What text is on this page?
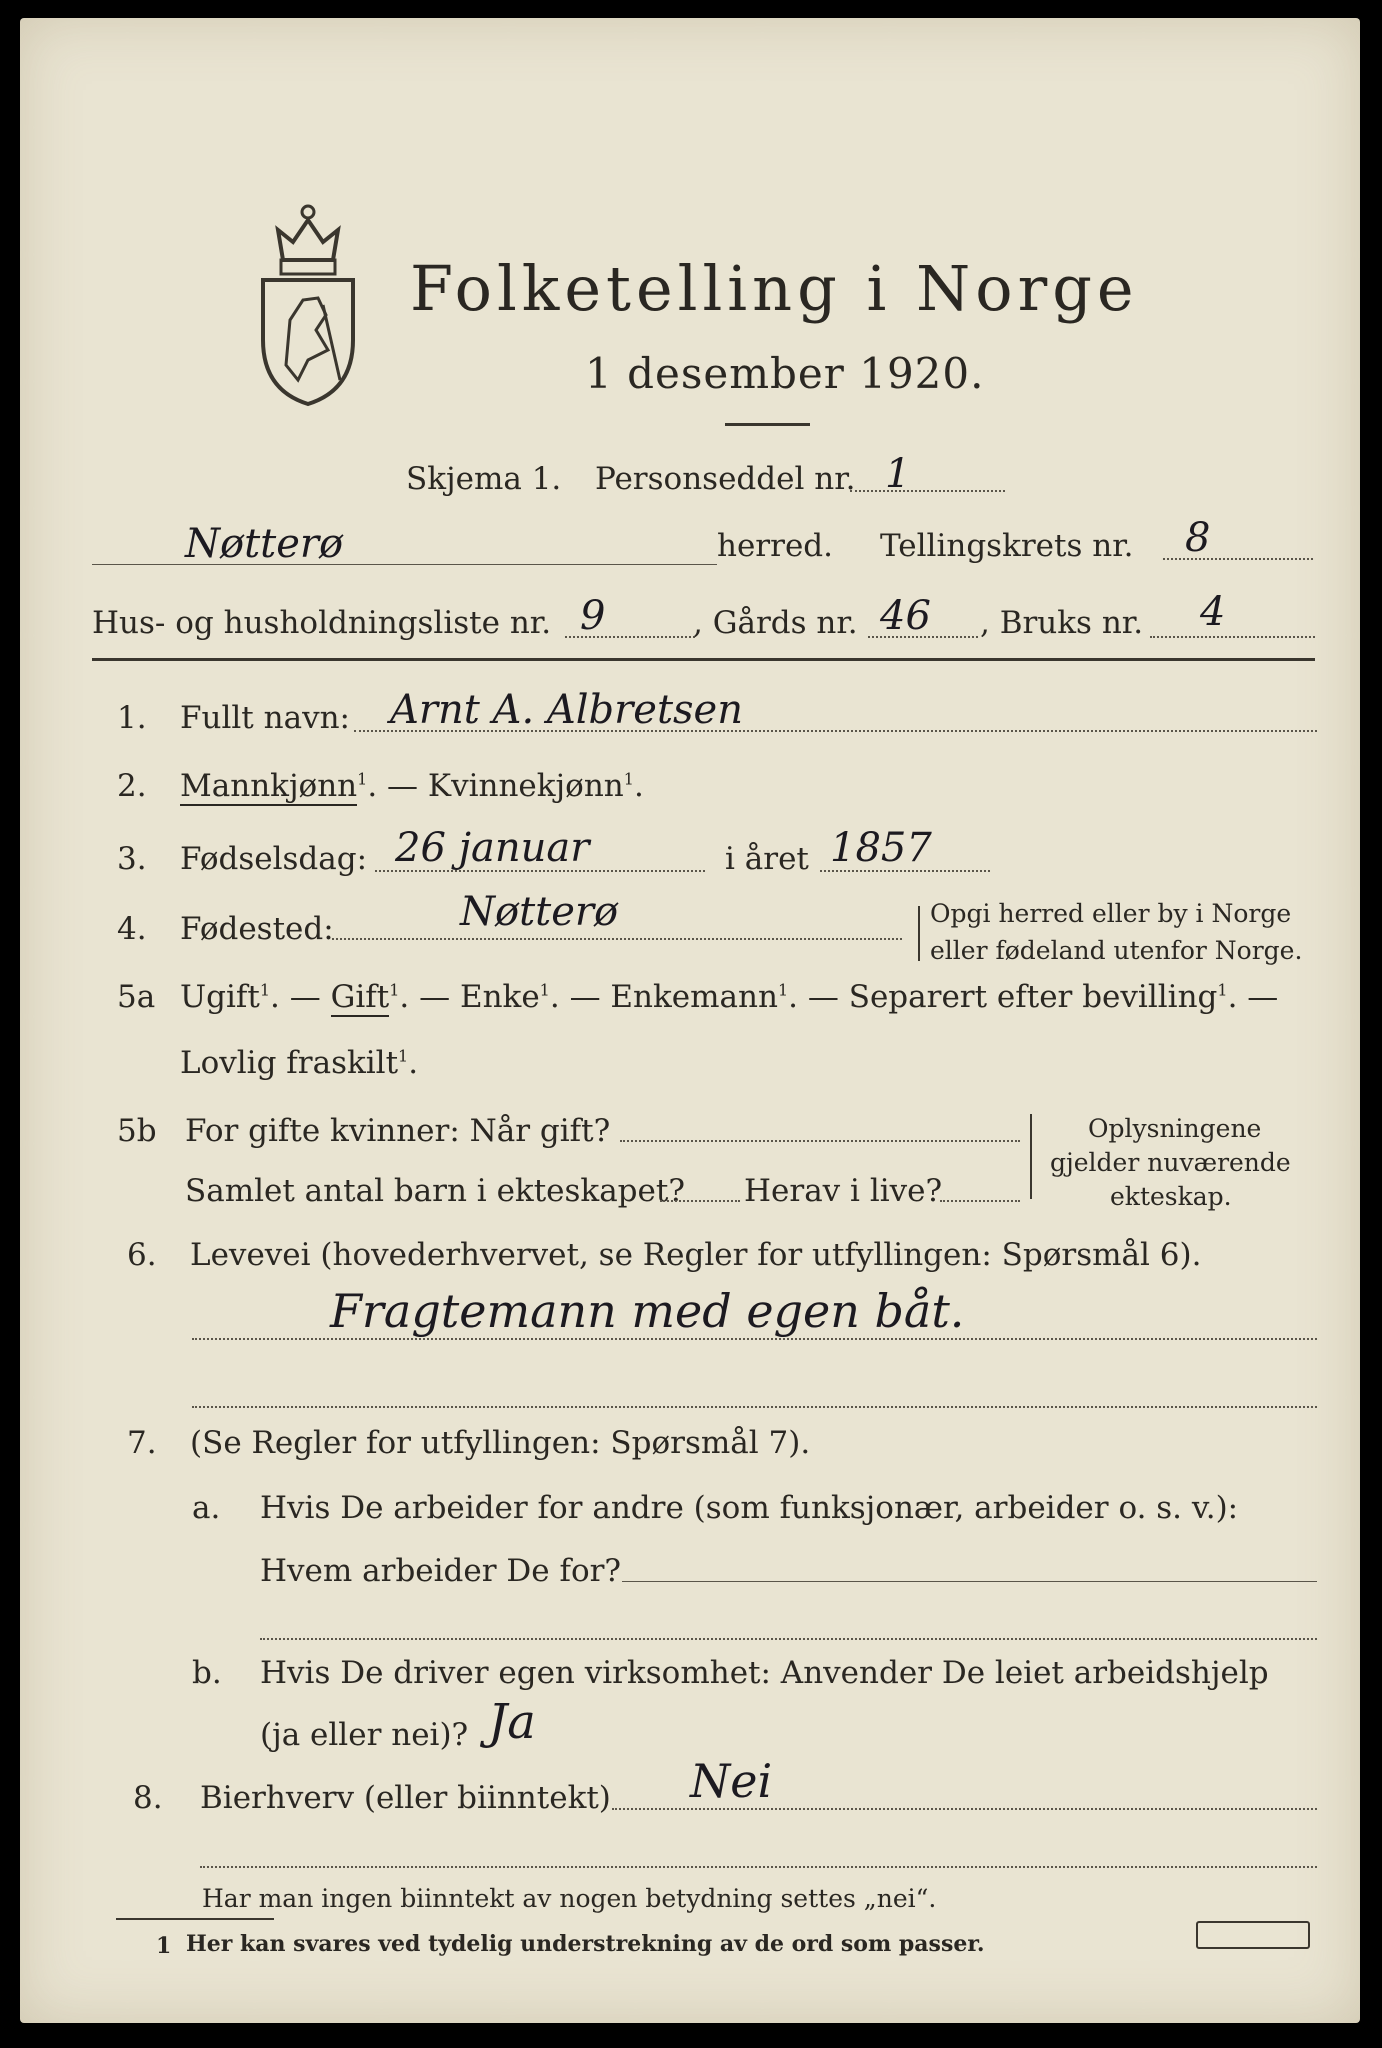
Folketelling i Norge
1 desember 1920.
Skjema 1. Personseddel nr. 1
Nøtterø	herred. Tellingskrets nr. 8
Hus- og husholdningsliste nr. 9	, Gårds nr. 46 , Bruks nr. 4
1. Fullt navn: Arnt A. Albretsen
2. Mannkjønn$^1$. — Kvinnekjønn$^1$.
3. Fødselsdag: 26 januar	i året 1857
4. Fødested:	Nøtterø	Opgi herred eller by i Norge
eller fødeland utenfor Norge.
5a Ugift$^1$. — Gift$^1$. — Enke$^1$. — Enkemann$^1$. — Separert efter bevilling$^1$. —
Lovlig fraskilt$^1$.
5b For gifte kvinner: Når gift?
Samlet antal barn i ekteskapet? Herav i live?
Oplysningene
gjelder nuværende
ekteskap.
6. Levevei (hovederhvervet, se Regler for utfyllingen: Spørsmål 6).
Fragtemann med egen båt.
7. (Se Regler for utfyllingen: Spørsmål 7).
a. Hvis De arbeider for andre (som funksjonær, arbeider o. s. v.):
Hvem arbeider De for?
b. Hvis De driver egen virksomhet: Anvender De leiet arbeidshjelp
(ja eller nei)? Ja
8. Bierhverv (eller biinntekt) Nei
Har man ingen biinntekt av nogen betydning settes „nei“.
1 Her kan svares ved tydelig understrekning av de ord som passer.
